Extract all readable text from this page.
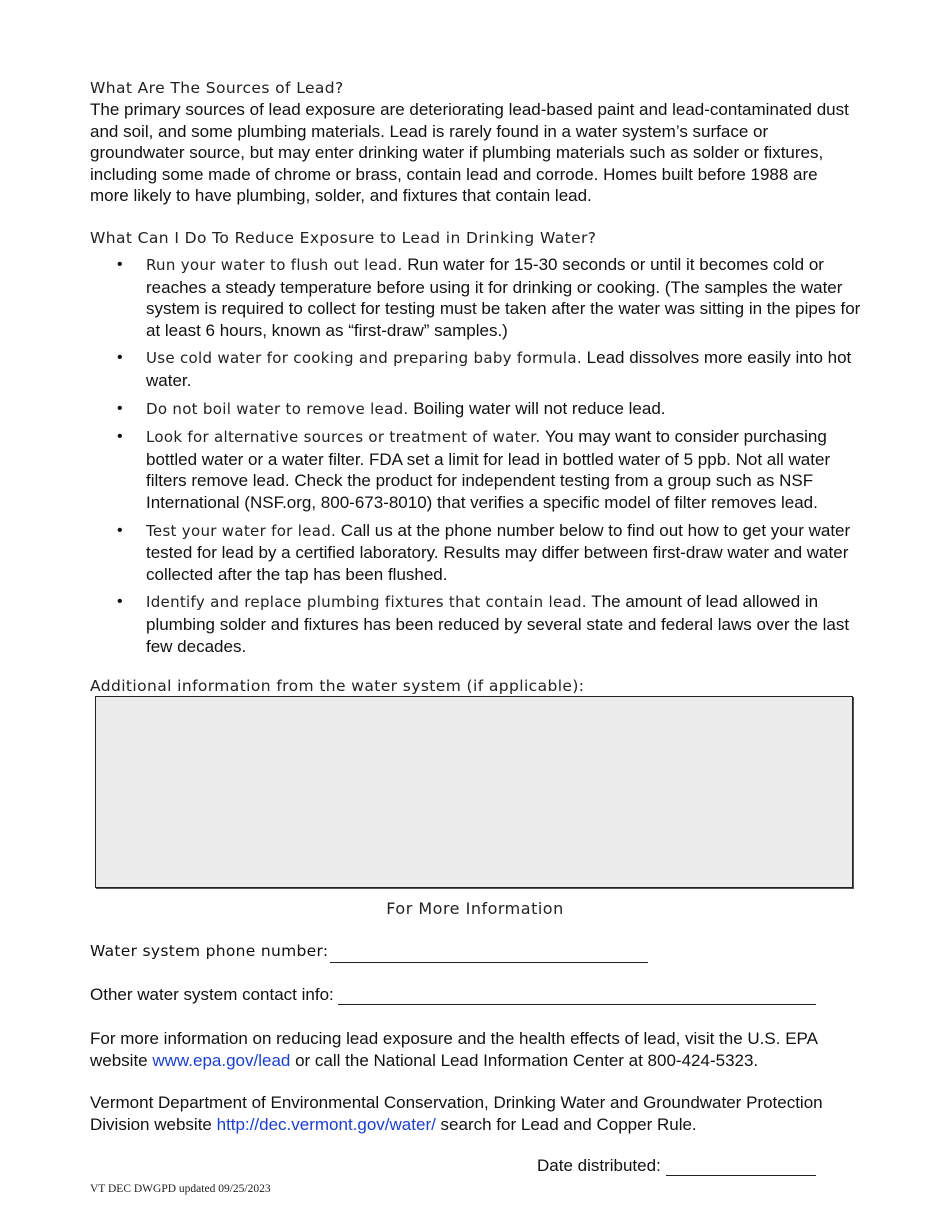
What Are The Sources of Lead?
The primary sources of lead exposure are deteriorating lead-based paint and lead-contaminated dust and soil, and some plumbing materials. Lead is rarely found in a water system’s surface or groundwater source, but may enter drinking water if plumbing materials such as solder or fixtures, including some made of chrome or brass, contain lead and corrode. Homes built before 1988 are more likely to have plumbing, solder, and fixtures that contain lead.
What Can I Do To Reduce Exposure to Lead in Drinking Water?
• Run your water to flush out lead. Run water for 15-30 seconds or until it becomes cold or reaches a steady temperature before using it for drinking or cooking. (The samples the water system is required to collect for testing must be taken after the water was sitting in the pipes for at least 6 hours, known as “first-draw” samples.)
• Use cold water for cooking and preparing baby formula. Lead dissolves more easily into hot water.
• Do not boil water to remove lead. Boiling water will not reduce lead.
• Look for alternative sources or treatment of water. You may want to consider purchasing bottled water or a water filter. FDA set a limit for lead in bottled water of 5 ppb. Not all water filters remove lead. Check the product for independent testing from a group such as NSF International (NSF.org, 800-673-8010) that verifies a specific model of filter removes lead.
• Test your water for lead. Call us at the phone number below to find out how to get your water tested for lead by a certified laboratory. Results may differ between first-draw water and water collected after the tap has been flushed.
• Identify and replace plumbing fixtures that contain lead. The amount of lead allowed in plumbing solder and fixtures has been reduced by several state and federal laws over the last few decades.
Additional information from the water system (if applicable):
For More Information
Water system phone number:
Other water system contact info:
For more information on reducing lead exposure and the health effects of lead, visit the U.S. EPA website www.epa.gov/lead or call the National Lead Information Center at 800-424-5323.
Vermont Department of Environmental Conservation, Drinking Water and Groundwater Protection Division website http://dec.vermont.gov/water/ search for Lead and Copper Rule.
Date distributed:
VT DEC DWGPD updated 09/25/2023
